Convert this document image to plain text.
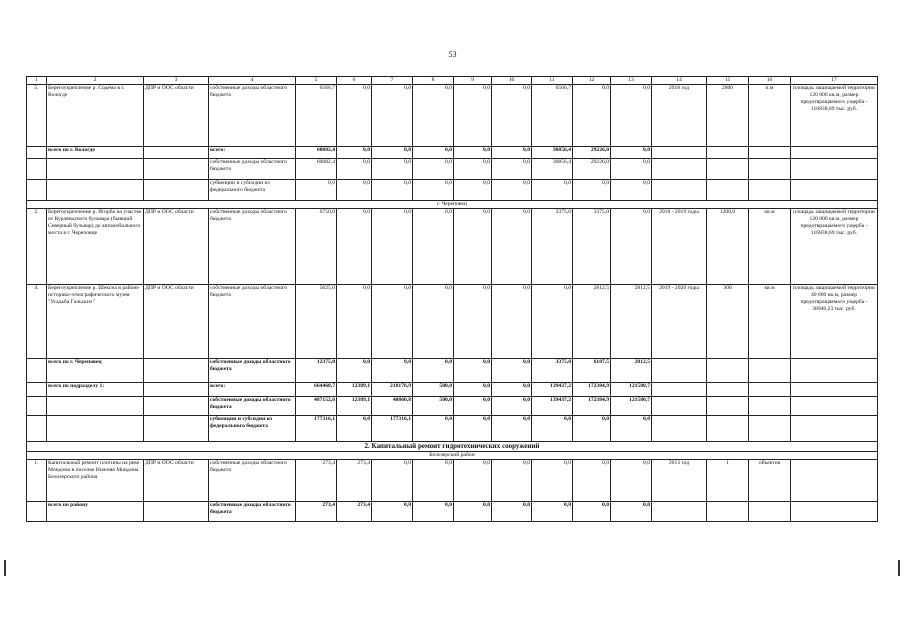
53
1	2	3	4	5	6	7	8	9	10	11	12	13	14	15	16	17
5.	Берегоукрепление р. Содема в г. Вологде	ДПР и ООС области	собственные доходы областного бюджета	6566,7	0,0	0,0	0,0	0,0	0,0	6566,7	0,0	0,0	2018 год	2800	п.м	площадь защищаемой территории 120 000 кв.м, размер предотвращаемого ущерба - 116838,69 тыс. руб.
	всего по г. Вологде		всего:	60082,4	0,0	0,0	0,0	0,0	0,0	30856,4	29226,0	0,0				
			собственные доходы областного бюджета	60082,4	0,0	0,0	0,0	0,0	0,0	30856,4	29226,0	0,0				
			субвенции и субсидии из федерального бюджета	0,0	0,0	0,0	0,0	0,0	0,0	0,0	0,0	0,0				
г. Череповец																
2.	Берегоукрепление р. Ягорба на участке от Курляндского бульвара (бывший Северный бульвар) до автомобильного моста в г. Череповце	ДПР и ООС области	собственные доходы областного бюджета	6750,0	0,0	0,0	0,0	0,0	0,0	3375,0	3375,0	0,0	2018 - 2019 годы	1200,0	кв.м	площадь защищаемой территории 120 000 кв.м, размер предотвращаемого ущерба - 116838,69 тыс. руб.
4.	Берегоукрепление р. Шексна в районе историко-этнографического музея "Усадьба Гальских"	ДПР и ООС области	собственные доходы областного бюджета	5625,0	0,0	0,0	0,0	0,0	0,0	0,0	2812,5	2812,5	2019 - 2020 годы	300	кв.м	площадь защищаемой территории 40 000 кв.м, размер предотвращаемого ущерба - 38946,23 тыс. руб.
	всего по г. Череповец		собственные доходы областного бюджета	12375,0	0,0	0,0	0,0	0,0	0,0	3375,0	6187,5	2812,5				
	всего по подразделу 1:		всего:	664468,7	12389,1	218176,9	500,0	0,0	0,0	139437,2	172384,9	121580,7				
			собственные доходы областного бюджета	487152,6	12389,1	40860,8	500,0	0,0	0,0	139437,2	172384,9	121580,7				
			субвенции и субсидии из федерального бюджета	177316,1	0,0	177316,1	0,0	0,0	0,0	0,0	0,0	0,0				
2. Капитальный ремонт гидротехнических сооружений																
Белозерский район																
1.	Капитальный ремонт плотины на реке Мондома в поселке Нижняя Мондома Белозерского района	ДПР и ООС области	собственные доходы областного бюджета	273,4	273,4	0,0	0,0	0,0	0,0	0,0	0,0	0,0	2013 год	1	объектов	
	всего по району		собственные доходы областного бюджета	273,4	273,4	0,0	0,0	0,0	0,0	0,0	0,0	0,0				
